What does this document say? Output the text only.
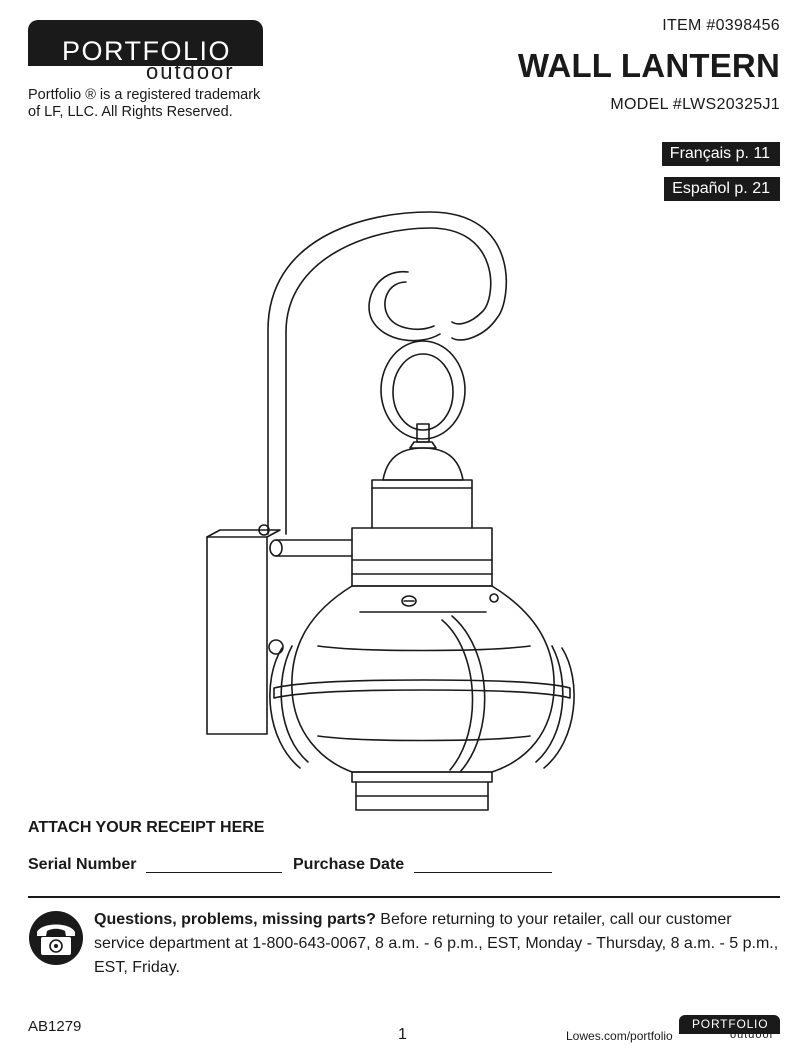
PORTFOLIO
outdoor
Portfolio ® is a registered trademark
of LF, LLC. All Rights Reserved.
ITEM #0398456
WALL LANTERN
MODEL #LWS20325J1
Français p. 11
Español p. 21
ATTACH YOUR RECEIPT HERE
Serial Number	Purchase Date
Questions, problems, missing parts? Before returning to your retailer, call our customer service department at 1-800-643-0067, 8 a.m. - 6 p.m., EST, Monday - Thursday, 8 a.m. - 5 p.m., EST, Friday.
AB1279	1	Lowes.com/portfolio
PORTFOLIO
outdoor
